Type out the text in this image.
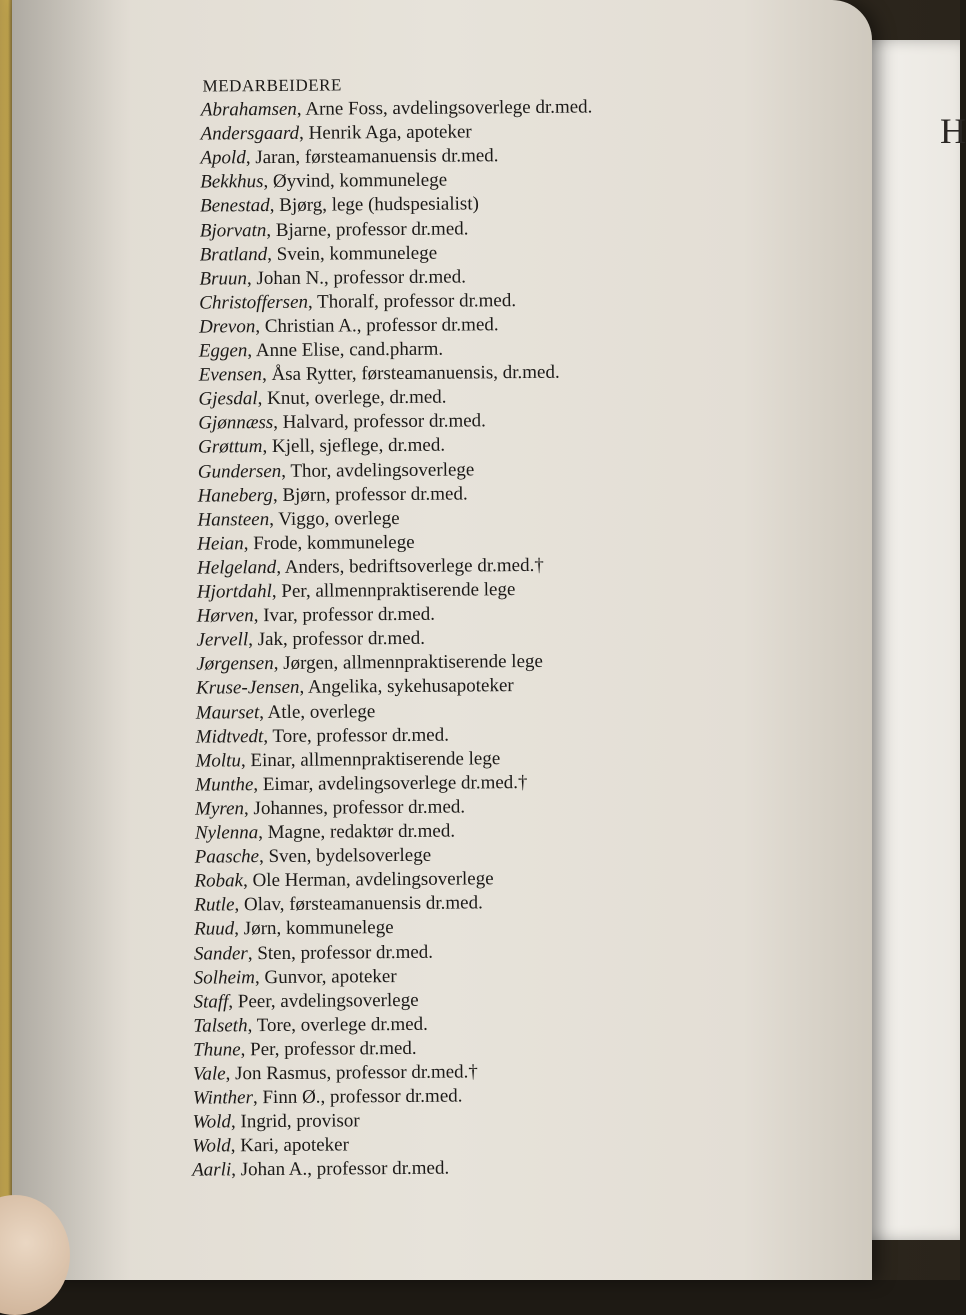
H
MEDARBEIDERE
Abrahamsen, Arne Foss, avdelingsoverlege dr.med.
Andersgaard, Henrik Aga, apoteker
Apold, Jaran, førsteamanuensis dr.med.
Bekkhus, Øyvind, kommunelege
Benestad, Bjørg, lege (hudspesialist)
Bjorvatn, Bjarne, professor dr.med.
Bratland, Svein, kommunelege
Bruun, Johan N., professor dr.med.
Christoffersen, Thoralf, professor dr.med.
Drevon, Christian A., professor dr.med.
Eggen, Anne Elise, cand.pharm.
Evensen, Åsa Rytter, førsteamanuensis, dr.med.
Gjesdal, Knut, overlege, dr.med.
Gjønnæss, Halvard, professor dr.med.
Grøttum, Kjell, sjeflege, dr.med.
Gundersen, Thor, avdelingsoverlege
Haneberg, Bjørn, professor dr.med.
Hansteen, Viggo, overlege
Heian, Frode, kommunelege
Helgeland, Anders, bedriftsoverlege dr.med.†
Hjortdahl, Per, allmennpraktiserende lege
Hørven, Ivar, professor dr.med.
Jervell, Jak, professor dr.med.
Jørgensen, Jørgen, allmennpraktiserende lege
Kruse-Jensen, Angelika, sykehusapoteker
Maurset, Atle, overlege
Midtvedt, Tore, professor dr.med.
Moltu, Einar, allmennpraktiserende lege
Munthe, Eimar, avdelingsoverlege dr.med.†
Myren, Johannes, professor dr.med.
Nylenna, Magne, redaktør dr.med.
Paasche, Sven, bydelsoverlege
Robak, Ole Herman, avdelingsoverlege
Rutle, Olav, førsteamanuensis dr.med.
Ruud, Jørn, kommunelege
Sander, Sten, professor dr.med.
Solheim, Gunvor, apoteker
Staff, Peer, avdelingsoverlege
Talseth, Tore, overlege dr.med.
Thune, Per, professor dr.med.
Vale, Jon Rasmus, professor dr.med.†
Winther, Finn Ø., professor dr.med.
Wold, Ingrid, provisor
Wold, Kari, apoteker
Aarli, Johan A., professor dr.med.
